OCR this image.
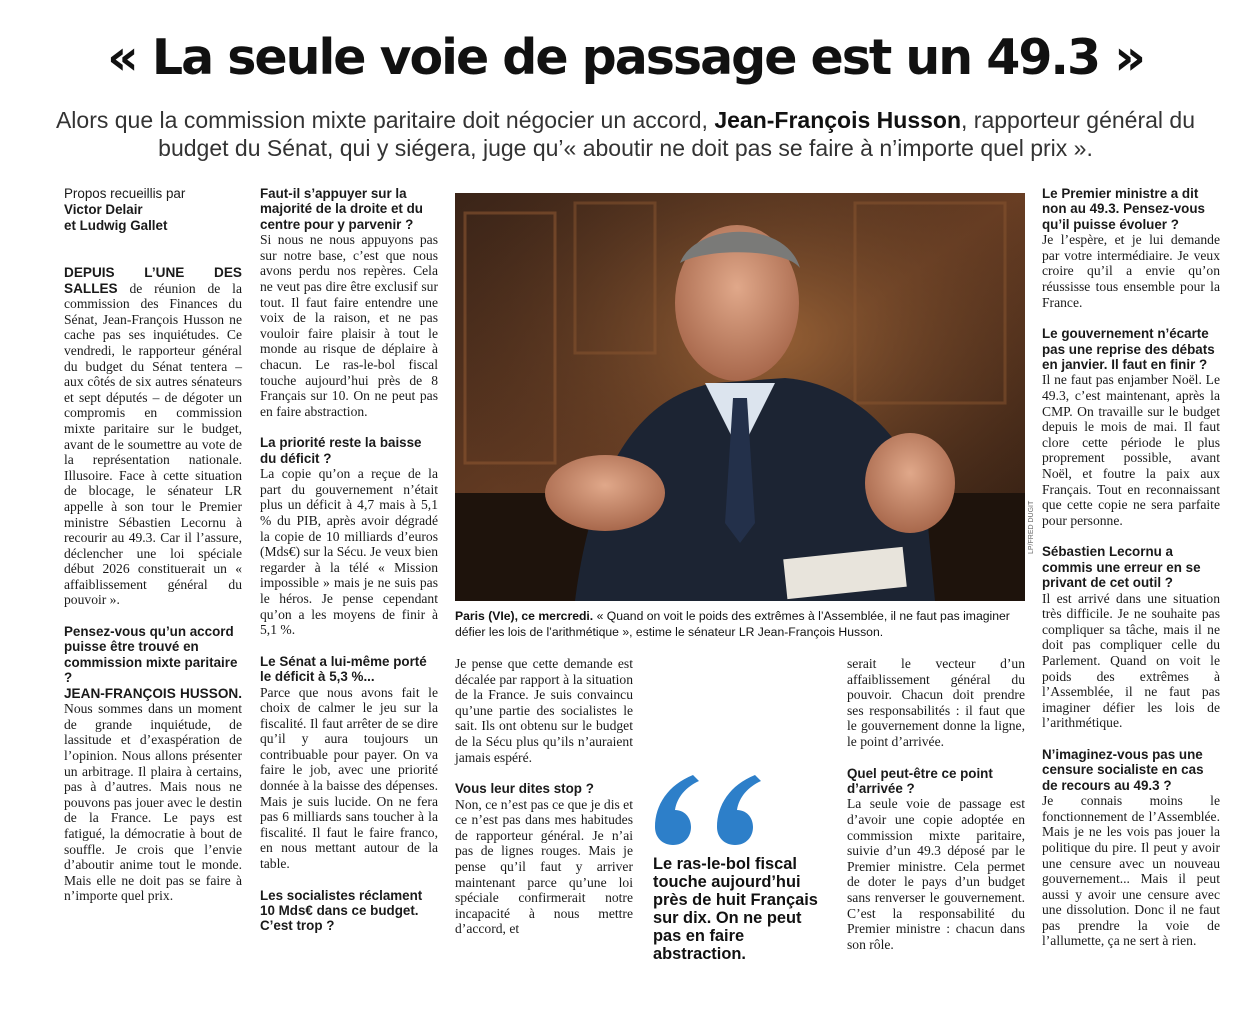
« La seule voie de passage est un 49.3 »
Alors que la commission mixte paritaire doit négocier un accord, Jean-François Husson, rapporteur général du budget du Sénat, qui y siégera, juge qu’« aboutir ne doit pas se faire à n’importe quel prix ».
Propos recueillis par
Victor Delair
et Ludwig Gallet

DEPUIS L’UNE DES SALLES de réunion de la commission des Finances du Sénat, Jean-François Husson ne cache pas ses inquiétudes. Ce vendredi, le rapporteur général du budget du Sénat tentera – aux côtés de six autres sénateurs et sept députés – de dégoter un compromis en commission mixte paritaire sur le budget, avant de le soumettre au vote de la représentation nationale. Illusoire. Face à cette situation de blocage, le sénateur LR appelle à son tour le Premier ministre Sébastien Lecornu à recourir au 49.3. Car il l’assure, déclencher une loi spéciale début 2026 constituerait un « affaiblissement général du pouvoir ».

Pensez-vous qu’un accord puisse être trouvé en commission mixte paritaire ?

JEAN-FRANÇOIS HUSSON. Nous sommes dans un moment de grande inquiétude, de lassitude et d’exaspération de l’opinion. Nous allons présenter un arbitrage. Il plaira à certains, pas à d’autres. Mais nous ne pouvons pas jouer avec le destin de la France. Le pays est fatigué, la démocratie à bout de souffle. Je crois que l’envie d’aboutir anime tout le monde. Mais elle ne doit pas se faire à n’importe quel prix.

Faut-il s’appuyer sur la majorité de la droite et du centre pour y parvenir ?

Si nous ne nous appuyons pas sur notre base, c’est que nous avons perdu nos repères. Cela ne veut pas dire être exclusif sur tout. Il faut faire entendre une voix de la raison, et ne pas vouloir faire plaisir à tout le monde au risque de déplaire à chacun. Le ras-le-bol fiscal touche aujourd’hui près de 8 Français sur 10. On ne peut pas en faire abstraction.

La priorité reste la baisse du déficit ?

La copie qu’on a reçue de la part du gouvernement n’était plus un déficit à 4,7 mais à 5,1 % du PIB, après avoir dégradé la copie de 10 milliards d’euros (Mds€) sur la Sécu. Je veux bien regarder à la télé « Mission impossible » mais je ne suis pas le héros. Je pense cependant qu’on a les moyens de finir à 5,1 %.

Le Sénat a lui-même porté le déficit à 5,3 %...

Parce que nous avons fait le choix de calmer le jeu sur la fiscalité. Il faut arrêter de se dire qu’il y aura toujours un contribuable pour payer. On va faire le job, avec une priorité donnée à la baisse des dépenses. Mais je suis lucide. On ne fera pas 6 milliards sans toucher à la fiscalité. Il faut le faire franco, en nous mettant autour de la table.

Les socialistes réclament 10 Mds€ dans ce budget. C’est trop ?

LP/FRED DUGIT
Paris (VIe), ce mercredi. « Quand on voit le poids des extrêmes à l’Assemblée, il ne faut pas imaginer défier les lois de l’arithmétique », estime le sénateur LR Jean-François Husson.

Je pense que cette demande est décalée par rapport à la situation de la France. Je suis convaincu qu’une partie des socialistes le sait. Ils ont obtenu sur le budget de la Sécu plus qu’ils n’auraient jamais espéré.

Vous leur dites stop ?

Non, ce n’est pas ce que je dis et ce n’est pas dans mes habitudes de rapporteur général. Je n’ai pas de lignes rouges. Mais je pense qu’il faut y arriver maintenant parce qu’une loi spéciale confirmerait notre incapacité à nous mettre d’accord, et

serait le vecteur d’un affaiblissement général du pouvoir. Chacun doit prendre ses responsabilités : il faut que le gouvernement donne la ligne, le point d’arrivée.

Quel peut-être ce point d’arrivée ?

La seule voie de passage est d’avoir une copie adoptée en commission mixte paritaire, suivie d’un 49.3 déposé par le Premier ministre. Cela permet de doter le pays d’un budget sans renverser le gouvernement. C’est la responsabilité du Premier ministre : chacun dans son rôle.

Le ras-le-bol fiscal touche aujourd’hui près de huit Français sur dix. On ne peut pas en faire abstraction.

Le Premier ministre a dit non au 49.3. Pensez-vous qu’il puisse évoluer ?

Je l’espère, et je lui demande par votre intermédiaire. Je veux croire qu’il a envie qu’on réussisse tous ensemble pour la France.

Le gouvernement n’écarte pas une reprise des débats en janvier. Il faut en finir ?

Il ne faut pas enjamber Noël. Le 49.3, c’est maintenant, après la CMP. On travaille sur le budget depuis le mois de mai. Il faut clore cette période le plus proprement possible, avant Noël, et foutre la paix aux Français. Tout en reconnaissant que cette copie ne sera parfaite pour personne.

Sébastien Lecornu a commis une erreur en se privant de cet outil ?

Il est arrivé dans une situation très difficile. Je ne souhaite pas compliquer sa tâche, mais il ne doit pas compliquer celle du Parlement. Quand on voit le poids des extrêmes à l’Assemblée, il ne faut pas imaginer défier les lois de l’arithmétique.

N’imaginez-vous pas une censure socialiste en cas de recours au 49.3 ?

Je connais moins le fonctionnement de l’Assemblée. Mais je ne les vois pas jouer la politique du pire. Il peut y avoir une censure avec un nouveau gouvernement... Mais il peut aussi y avoir une censure avec une dissolution. Donc il ne faut pas prendre la voie de l’allumette, ça ne sert à rien.
